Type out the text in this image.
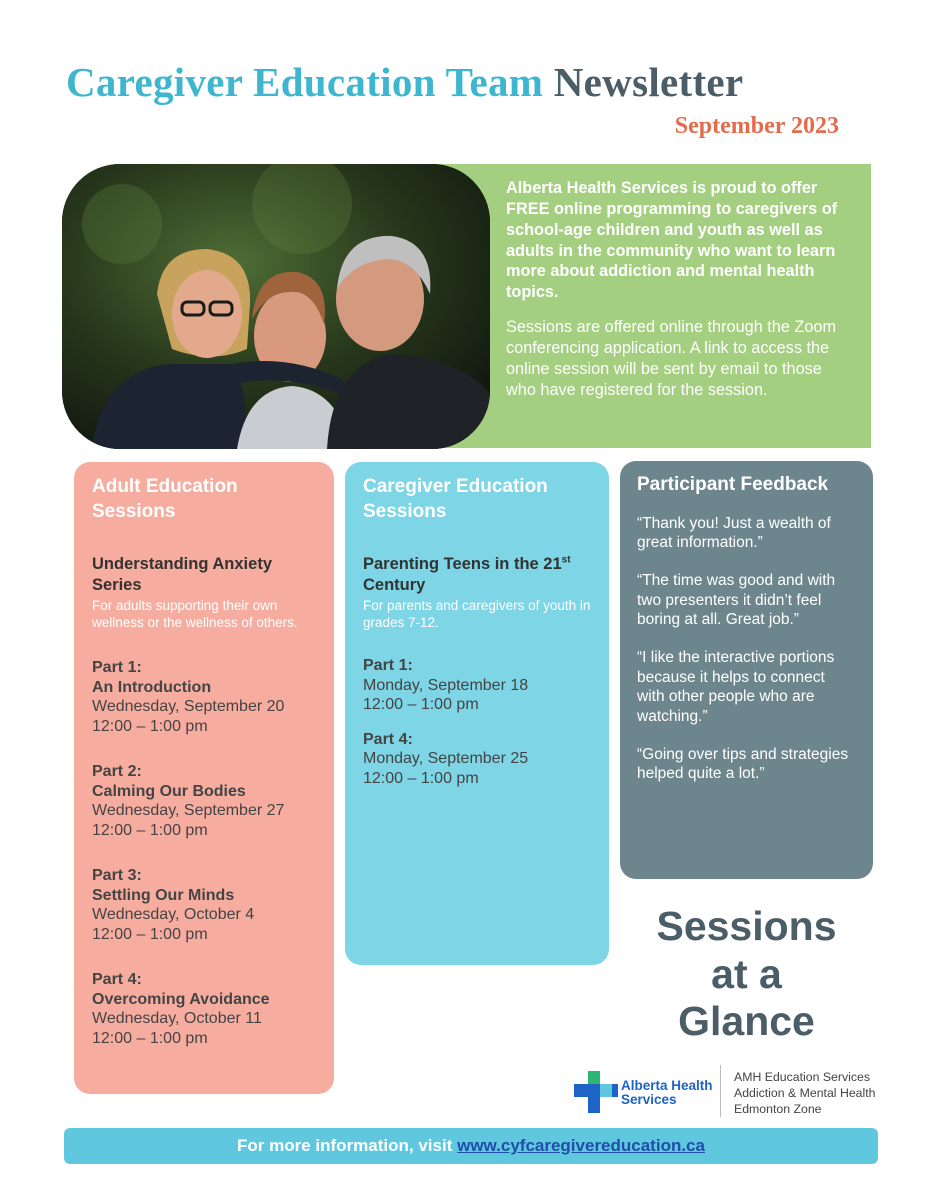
Caregiver Education Team Newsletter
September 2023

Alberta Health Services is proud to offer FREE online programming to caregivers of school-age children and youth as well as adults in the community who want to learn more about addiction and mental health topics.

Sessions are offered online through the Zoom conferencing application. A link to access the online session will be sent by email to those who have registered for the session.

Adult Education Sessions
Understanding Anxiety Series
For adults supporting their own wellness or the wellness of others.
Part 1:
An Introduction
Wednesday, September 20
12:00 – 1:00 pm
Part 2:
Calming Our Bodies
Wednesday, September 27
12:00 – 1:00 pm
Part 3:
Settling Our Minds
Wednesday, October 4
12:00 – 1:00 pm
Part 4:
Overcoming Avoidance
Wednesday, October 11
12:00 – 1:00 pm
Caregiver Education Sessions
Parenting Teens in the 21st Century
For parents and caregivers of youth in grades 7-12.
Part 1:
Monday, September 18
12:00 – 1:00 pm
Part 4:
Monday, September 25
12:00 – 1:00 pm
Participant Feedback
“Thank you! Just a wealth of great information.”
“The time was good and with two presenters it didn’t feel boring at all. Great job.”
“I like the interactive portions because it helps to connect with other people who are watching.”
“Going over tips and strategies helped quite a lot.”
Sessions
at a
Glance
Alberta Health
Services
AMH Education Services
Addiction & Mental Health
Edmonton Zone
For more information, visit www.cyfcaregivereducation.ca
